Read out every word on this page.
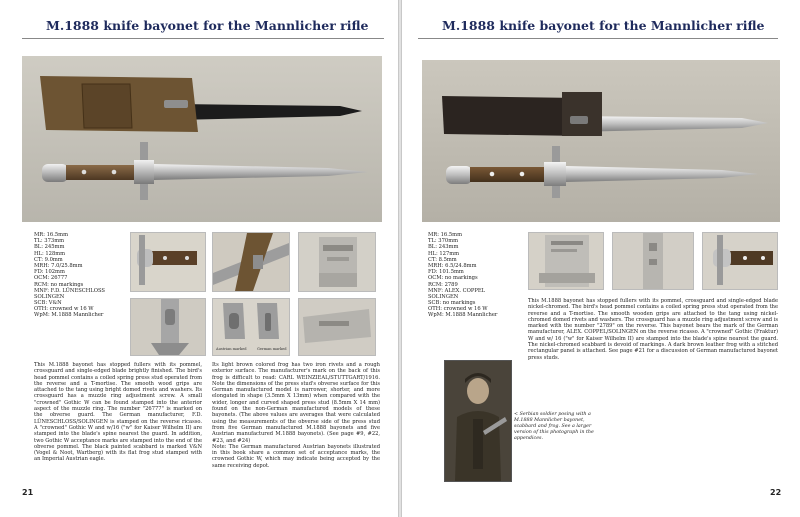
M.1888 knife bayonet for the Mannlicher rifle
MR: 16.5mm
TL: 373mm
BL: 245mm
HL: 128mm
CT: 9.0mm
MRH: 7.0/25.8mm
FD: 102mm
OCM: 26777
RCM: no markings
MNF: F.D. LÜNESCHLOSS
SOLINGEN
SCB: V&N
OTH: crowned w 16 W
WpM: M.1888 Mannlicher
Austrian marked	German marked

This M.1888 bayonet has stopped fullers with its pommel, crossguard and single-edged blade brightly finished. The bird's head pommel contains a coiled spring press stud operated from the reverse and a T-mortise. The smooth wood grips are attached to the tang using bright domed rivets and washers. Its crossguard has a muzzle ring adjustment screw. A small "crowned" Gothic W can be found stamped into the anterior aspect of the muzzle ring. The number "26777" is marked on the obverse guard. The German manufacturer, F.D. LÜNESCHLOSS/SOLINGEN is stamped on the reverse ricasso. A "crowned" Gothic W and w/16 ("w" for Kaiser Wilhelm II) are stamped into the blade's spine nearest the guard. In addition, two Gothic W acceptance marks are stamped into the end of the obverse pommel. The black painted scabbard is marked V&N (Vogel & Noot, Wartberg) with its flat frog stud stamped with an Imperial Austrian eagle.

Its light brown colored frog has two iron rivets and a rough exterior surface. The manufacturer's mark on the back of this frog is difficult to read: CARL WEINZIEAL/STUTTGART/1916. Note the dimensions of the press stud's obverse surface for this German manufactured model is narrower, shorter, and more elongated in shape (3.5mm X 13mm) when compared with the wider, longer and curved shaped press stud (8.5mm X 14 mm) found on the non-German manufactured models of these bayonets. (The above values are averages that were calculated using the measurements of the obverse side of the press stud from five German manufactured M.1888 bayonets and five Austrian manufactured M.1888 bayonets). (See page #9, #22, #23, and #24)

Note: The German manufactured Austrian bayonets illustrated in this book share a common set of acceptance marks, the crowned Gothic W, which may indicate being accepted by the same receiving depot.

21
M.1888 knife bayonet for the Mannlicher rifle
MR: 16.5mm
TL: 370mm
BL: 243mm
HL: 127mm
CT: 8.5mm
MRH: 6.5/24.8mm
FD: 101.5mm
OCM: no markings
RCM: 2789
MNF: ALEX. COPPEL
SOLINGEN
SCB: no markings
OTH: crowned w 16 W
WpM: M.1888 Mannlicher

This M.1888 bayonet has stopped fullers with its pommel, crossguard and single-edged blade nickel-chromed. The bird's head pommel contains a coiled spring press stud operated from the reverse and a T-mortise. The smooth wooden grips are attached to the tang using nickel-chromed domed rivets and washers. The crossguard has a muzzle ring adjustment screw and is marked with the number "2789" on the reverse. This bayonet bears the mark of the German manufacturer, ALEX. COPPEL/SOLINGEN on the reverse ricasso. A "crowned" Gothic (Fraktur) W and w/ 16 ("w" for Kaiser Wilhelm II) are stamped into the blade's spine nearest the guard. The nickel-chromed scabbard is devoid of markings. A dark brown leather frog with a stitched rectangular panel is attached. See page #21 for a discussion of German manufactured bayonet press studs.

< Serbian soldier posing with a M.1888 Mannlicher bayonet, scabbard and frog. See a larger version of this photograph in the appendices.
22
